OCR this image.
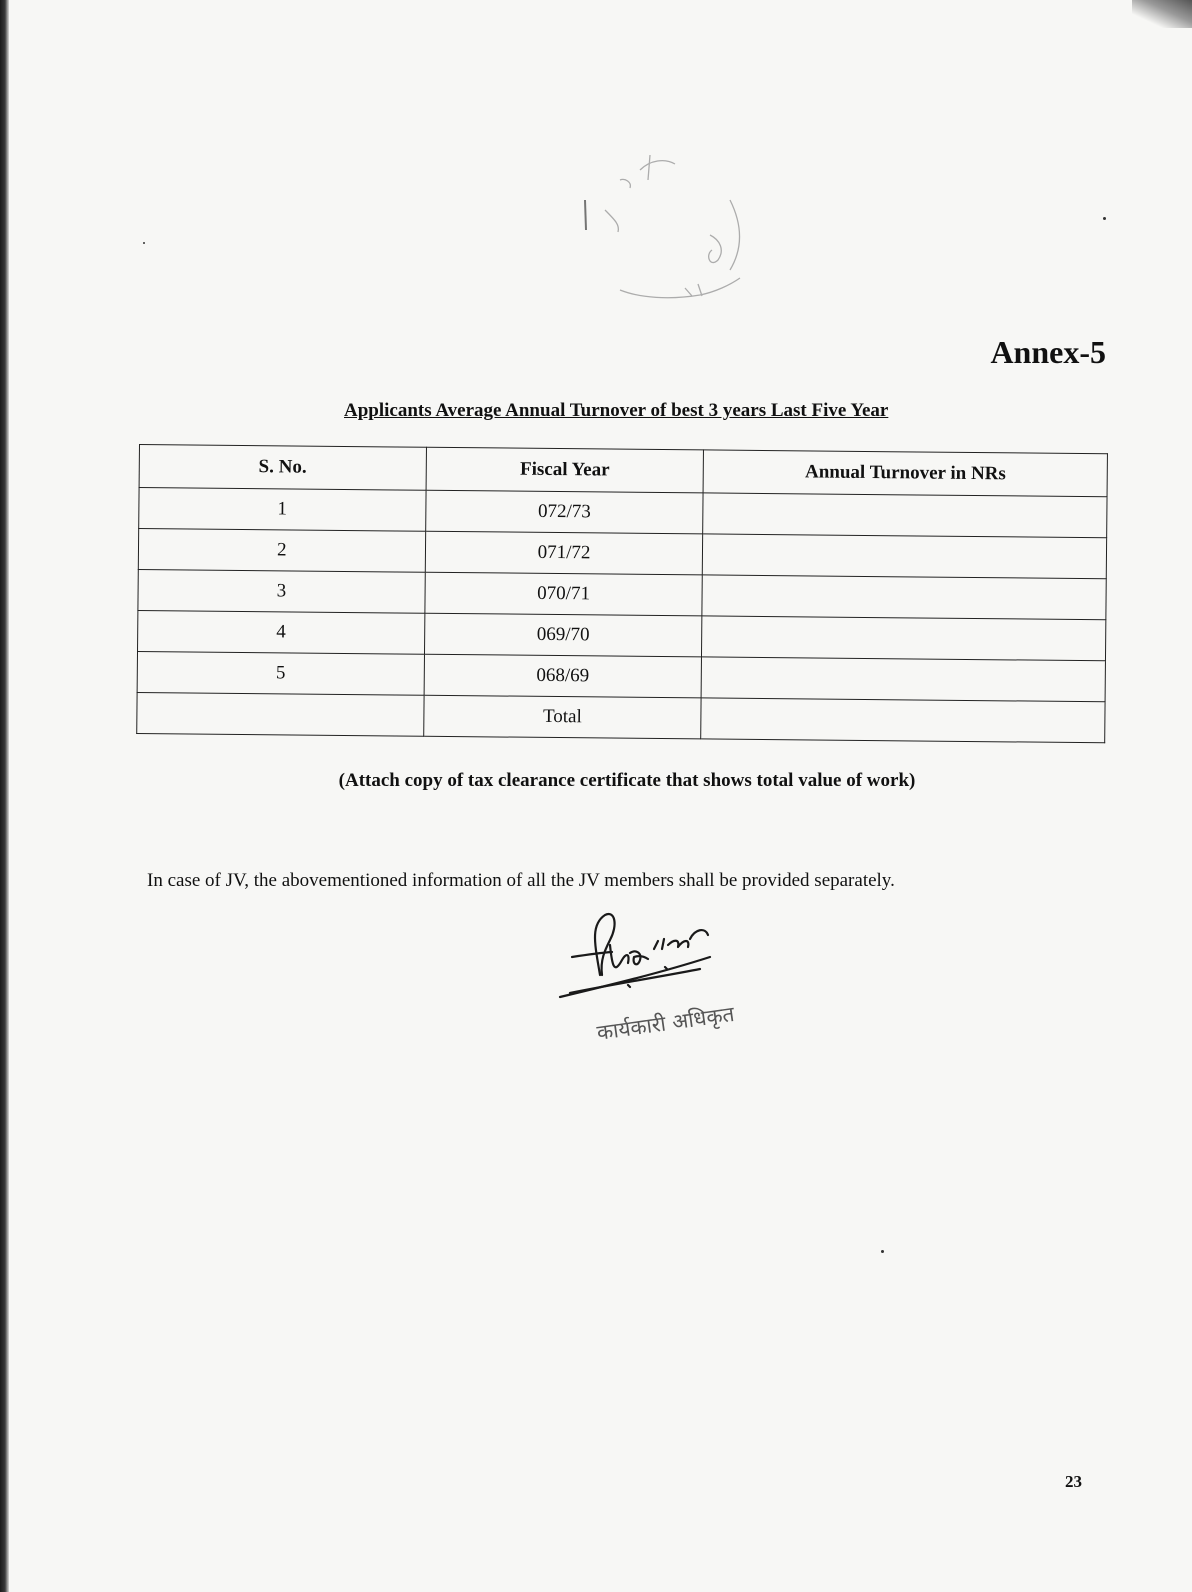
Annex-5
Applicants Average Annual Turnover of best 3 years Last Five Year
S. No.	Fiscal Year	Annual Turnover in NRs
1	072/73	
2	071/72	
3	070/71	
4	069/70	
5	068/69	
	Total	

(Attach copy of tax clearance certificate that shows total value of work)

In case of JV, the abovementioned information of all the JV members shall be provided separately.

कार्यकारी अधिकृत

23
